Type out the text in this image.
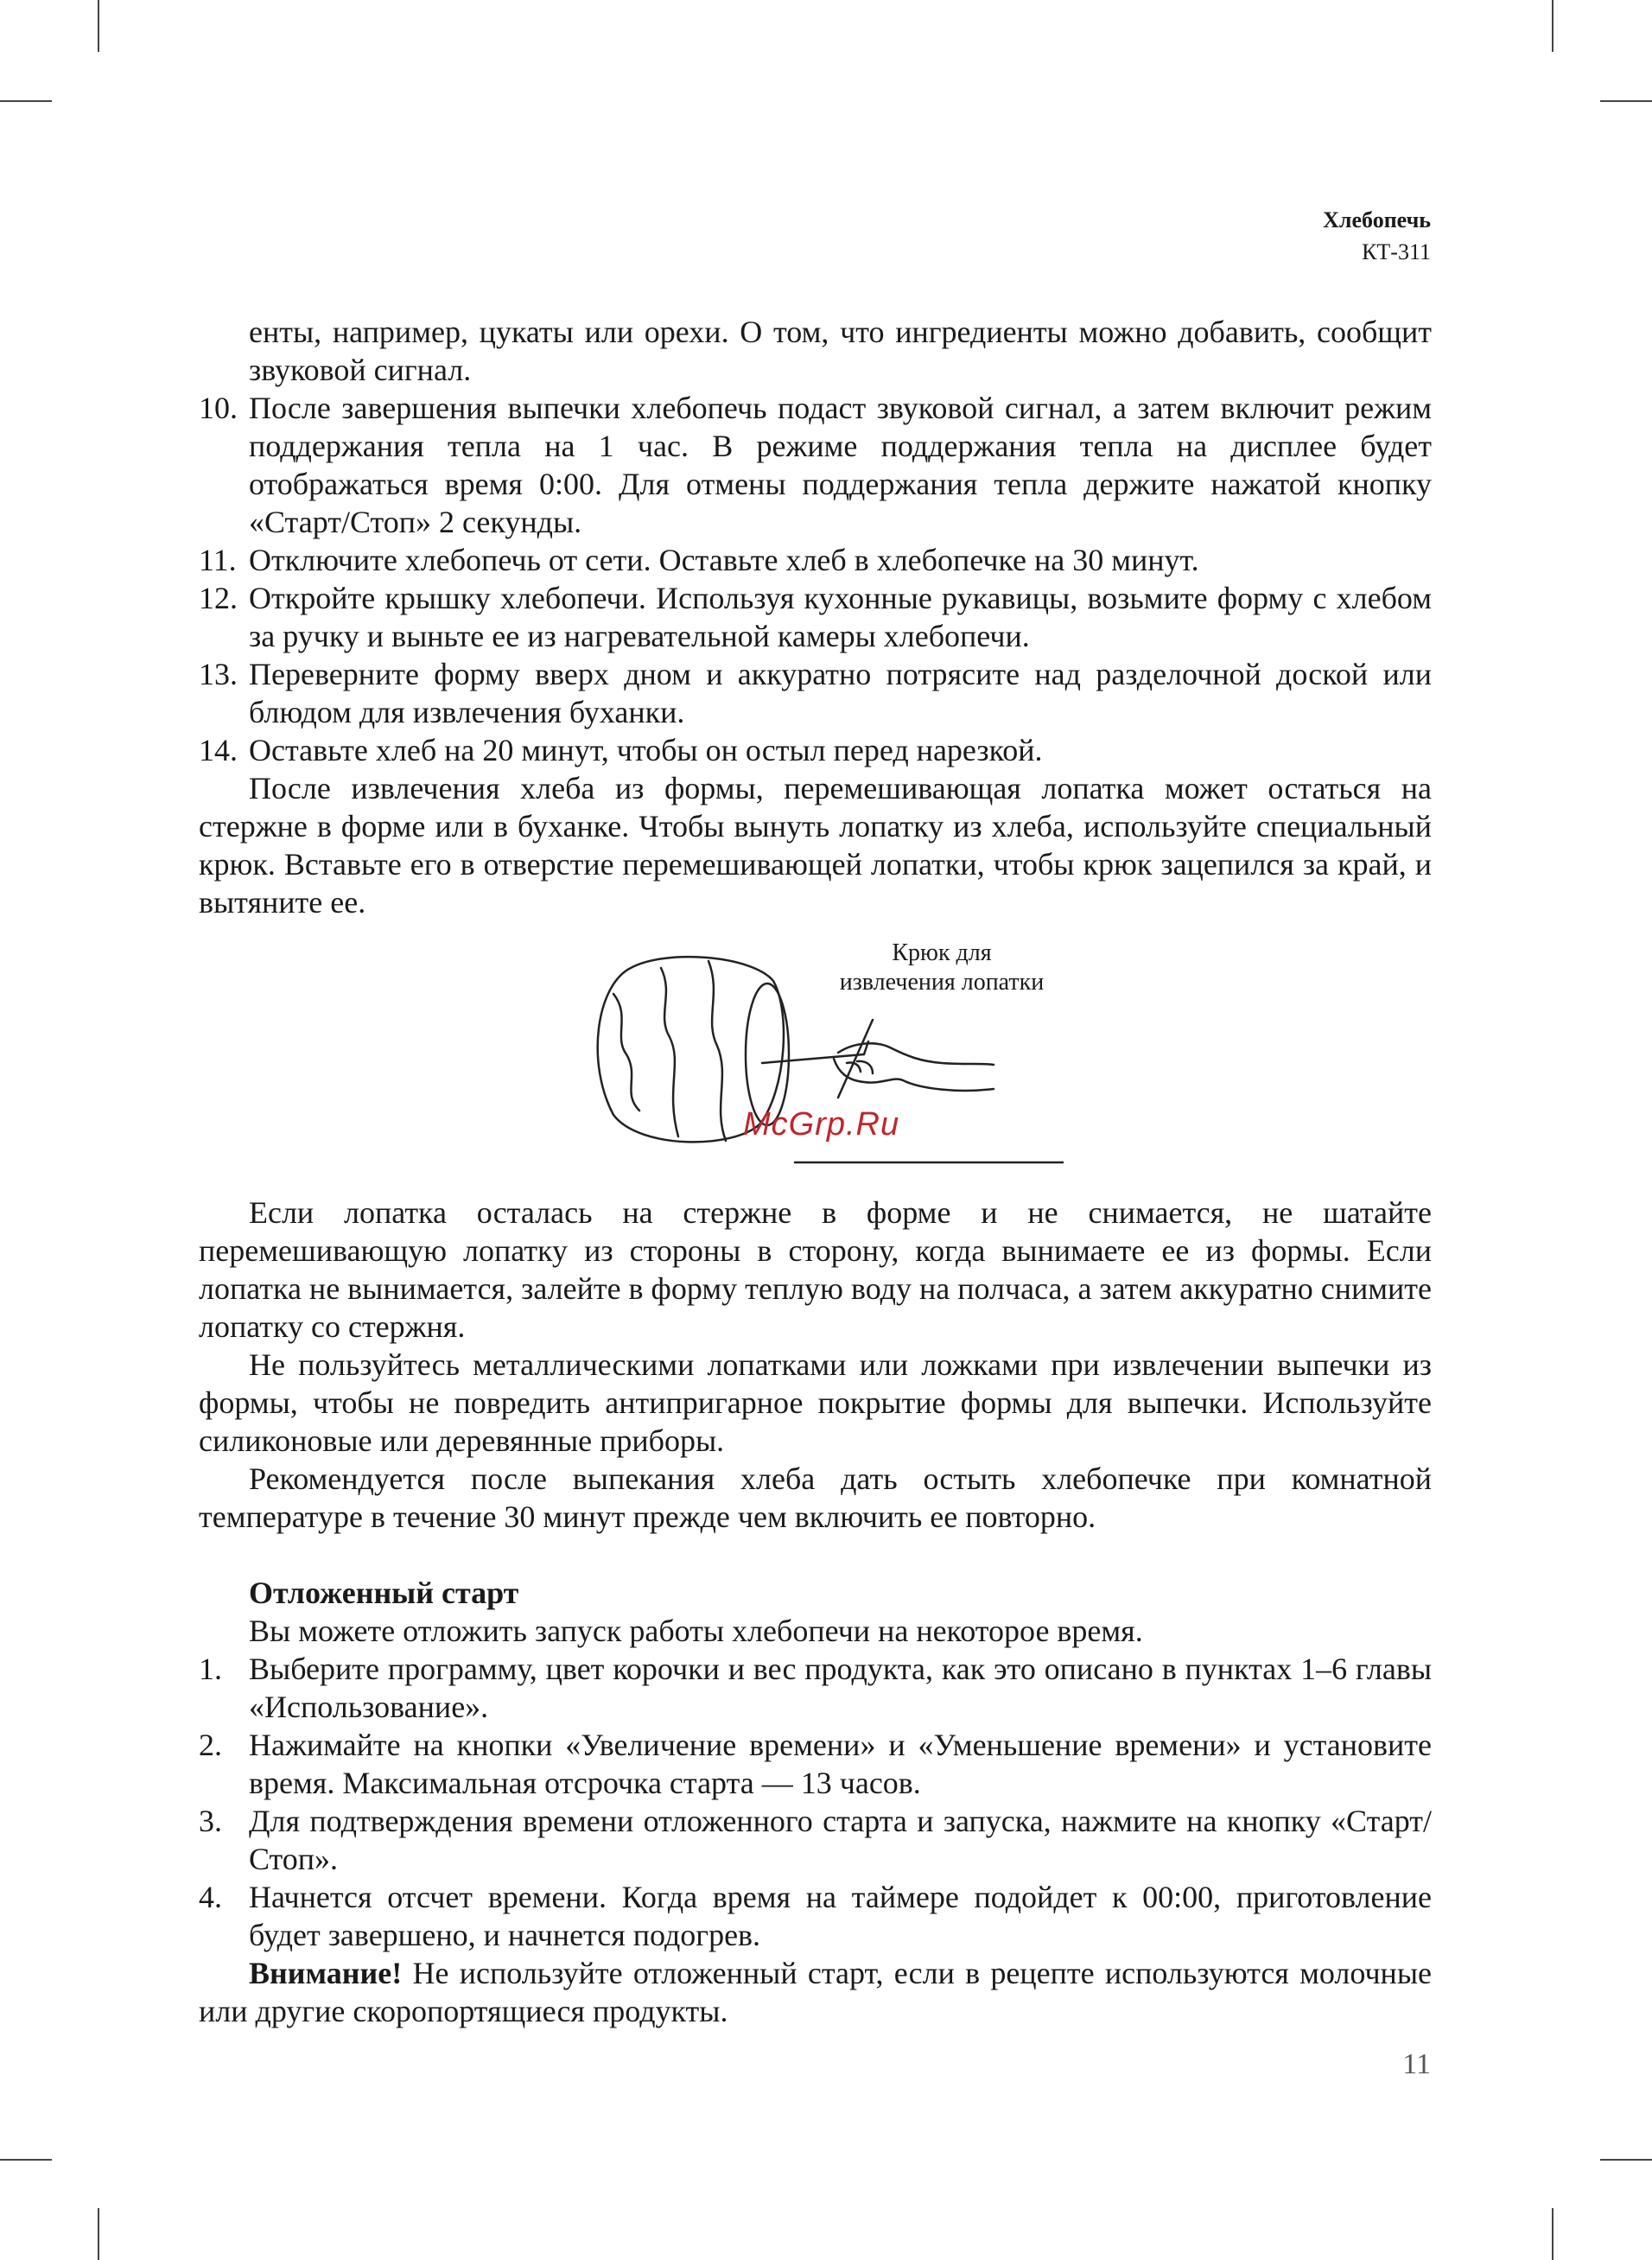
Хлебопечь
КТ-311

енты, например, цукаты или орехи. О том, что ингредиенты можно добавить, сообщит звуковой сигнал.

10. После завершения выпечки хлебопечь подаст звуковой сигнал, а затем включит режим поддержания тепла на 1 час. В режиме поддержания тепла на дисплее будет отображаться время 0:00. Для отмены поддержания тепла держите нажатой кнопку «Старт/Стоп» 2 секунды.
11. Отключите хлебопечь от сети. Оставьте хлеб в хлебопечке на 30 минут.
12. Откройте крышку хлебопечи. Используя кухонные рукавицы, возьмите форму с хлебом за ручку и выньте ее из нагревательной камеры хлебопечи.
13. Переверните форму вверх дном и аккуратно потрясите над разделочной доской или блюдом для извлечения буханки.
14. Оставьте хлеб на 20 минут, чтобы он остыл перед нарезкой.

После извлечения хлеба из формы, перемешивающая лопатка может остаться на стержне в форме или в буханке. Чтобы вынуть лопатку из хлеба, используйте специальный крюк. Вставьте его в отверстие перемешивающей лопатки, чтобы крюк зацепился за край, и вытяните ее.

Крюк для
извлечения лопатки
McGrp.Ru

Если лопатка осталась на стержне в форме и не снимается, не шатайте перемешивающую лопатку из стороны в сторону, когда вынимаете ее из формы. Если лопатка не вынимается, залейте в форму теплую воду на полчаса, а затем аккуратно снимите лопатку со стержня.

Не пользуйтесь металлическими лопатками или ложками при извлечении выпечки из формы, чтобы не повредить антипригарное покрытие формы для выпечки. Используйте силиконовые или деревянные приборы.

Рекомендуется после выпекания хлеба дать остыть хлебопечке при комнатной температуре в течение 30 минут прежде чем включить ее повторно.

Отложенный старт

Вы можете отложить запуск работы хлебопечи на некоторое время.

1. Выберите программу, цвет корочки и вес продукта, как это описано в пунктах 1–6 главы «Использование».
2. Нажимайте на кнопки «Увеличение времени» и «Уменьшение времени» и установите время. Максимальная отсрочка старта — 13 часов.
3. Для подтверждения времени отложенного старта и запуска, нажмите на кнопку «Старт/Стоп».
4. Начнется отсчет времени. Когда время на таймере подойдет к 00:00, приготовление будет завершено, и начнется подогрев.

Внимание! Не используйте отложенный старт, если в рецепте используются молочные или другие скоропортящиеся продукты.

11
